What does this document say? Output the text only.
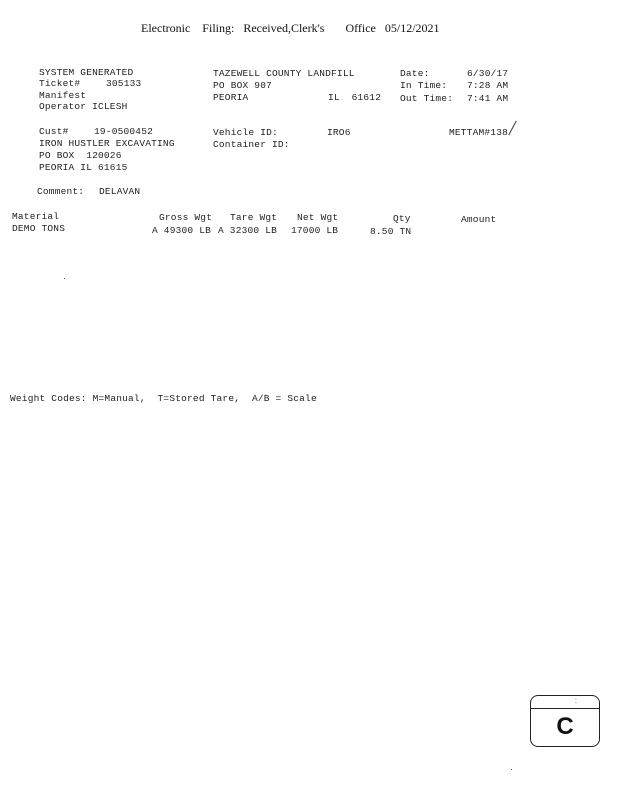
Electronic    Filing:   Received,Clerk's       Office   05/12/2021
SYSTEM GENERATED
Ticket#	305133
Manifest
Operator ICLESH
TAZEWELL COUNTY LANDFILL
PO BOX 907
PEORIA	IL  61612
Date:	6/30/17
In Time: 7:28 AM
Out Time: 7:41 AM
Cust#	19-0500452
IRON HUSTLER EXCAVATING
PO BOX  120026
PEORIA IL 61615
Vehicle ID:	IRO6
Container ID:
METTAM#138
Comment: DELAVAN
Material	Gross Wgt Tare Wgt Net Wgt	Qty	Amount
DEMO TONS	A 49300 LB A 32300 LB 17000 LB	8.50 TN
Weight Codes: M=Manual,  T=Stored Tare,  A/B = Scale
⁚
C
